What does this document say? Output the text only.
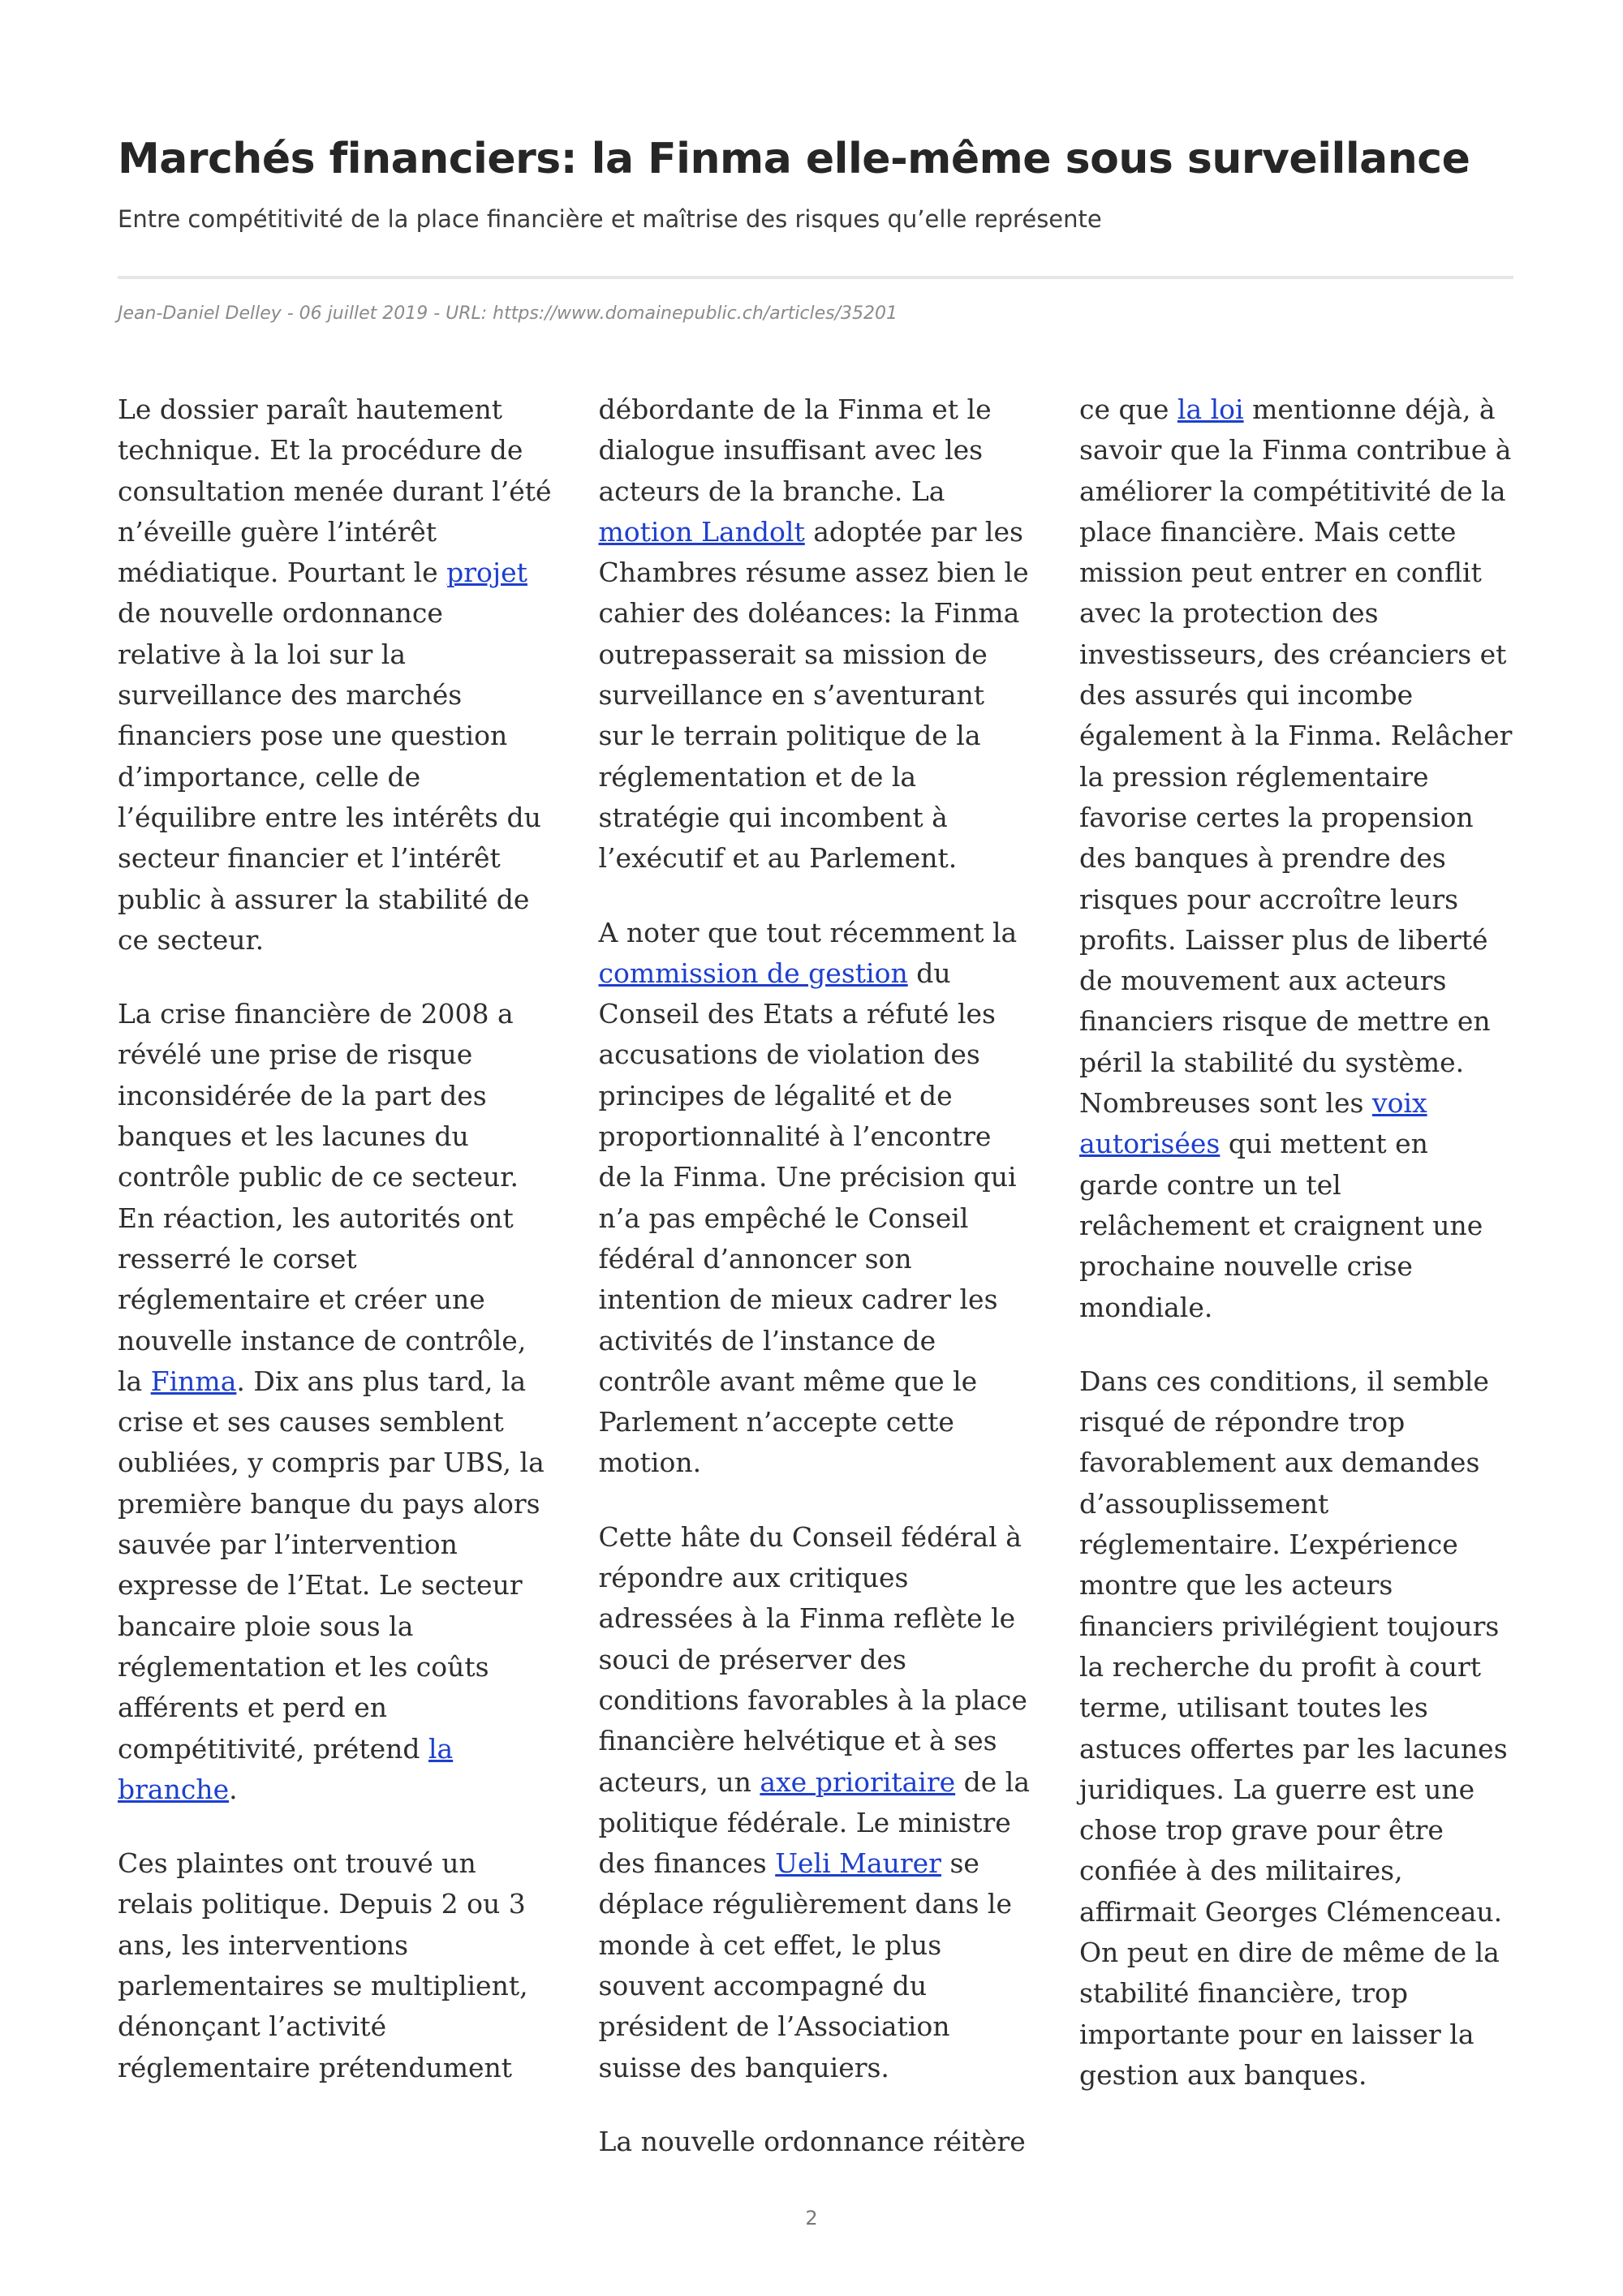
Marchés financiers: la Finma elle-même sous surveillance

Entre compétitivité de la place financière et maîtrise des risques qu’elle représente

Jean-Daniel Delley - 06 juillet 2019 - URL: https://www.domainepublic.ch/articles/35201

Le dossier paraît hautement technique. Et la procédure de consultation menée durant l’été n’éveille guère l’intérêt médiatique. Pourtant le projet de nouvelle ordonnance relative à la loi sur la surveillance des marchés financiers pose une question d’importance, celle de l’équilibre entre les intérêts du secteur financier et l’intérêt public à assurer la stabilité de ce secteur.

La crise financière de 2008 a révélé une prise de risque inconsidérée de la part des banques et les lacunes du contrôle public de ce secteur. En réaction, les autorités ont resserré le corset réglementaire et créer une nouvelle instance de contrôle, la Finma. Dix ans plus tard, la crise et ses causes semblent oubliées, y compris par UBS, la première banque du pays alors sauvée par l’intervention expresse de l’Etat. Le secteur bancaire ploie sous la réglementation et les coûts afférents et perd en compétitivité, prétend la branche.

Ces plaintes ont trouvé un relais politique. Depuis 2 ou 3 ans, les interventions parlementaires se multiplient, dénonçant l’activité réglementaire prétendument

débordante de la Finma et le dialogue insuffisant avec les acteurs de la branche. La motion Landolt adoptée par les Chambres résume assez bien le cahier des doléances: la Finma outrepasserait sa mission de surveillance en s’aventurant sur le terrain politique de la réglementation et de la stratégie qui incombent à l’exécutif et au Parlement.

A noter que tout récemment la commission de gestion du Conseil des Etats a réfuté les accusations de violation des principes de légalité et de proportionnalité à l’encontre de la Finma. Une précision qui n’a pas empêché le Conseil fédéral d’annoncer son intention de mieux cadrer les activités de l’instance de contrôle avant même que le Parlement n’accepte cette motion.

Cette hâte du Conseil fédéral à répondre aux critiques adressées à la Finma reflète le souci de préserver des conditions favorables à la place financière helvétique et à ses acteurs, un axe prioritaire de la politique fédérale. Le ministre des finances Ueli Maurer se déplace régulièrement dans le monde à cet effet, le plus souvent accompagné du président de l’Association suisse des banquiers.

La nouvelle ordonnance réitère

ce que la loi mentionne déjà, à savoir que la Finma contribue à améliorer la compétitivité de la place financière. Mais cette mission peut entrer en conflit avec la protection des investisseurs, des créanciers et des assurés qui incombe également à la Finma. Relâcher la pression réglementaire favorise certes la propension des banques à prendre des risques pour accroître leurs profits. Laisser plus de liberté de mouvement aux acteurs financiers risque de mettre en péril la stabilité du système. Nombreuses sont les voix autorisées qui mettent en garde contre un tel relâchement et craignent une prochaine nouvelle crise mondiale.

Dans ces conditions, il semble risqué de répondre trop favorablement aux demandes d’assouplissement réglementaire. L’expérience montre que les acteurs financiers privilégient toujours la recherche du profit à court terme, utilisant toutes les astuces offertes par les lacunes juridiques. La guerre est une chose trop grave pour être confiée à des militaires, affirmait Georges Clémenceau. On peut en dire de même de la stabilité financière, trop importante pour en laisser la gestion aux banques.

2
